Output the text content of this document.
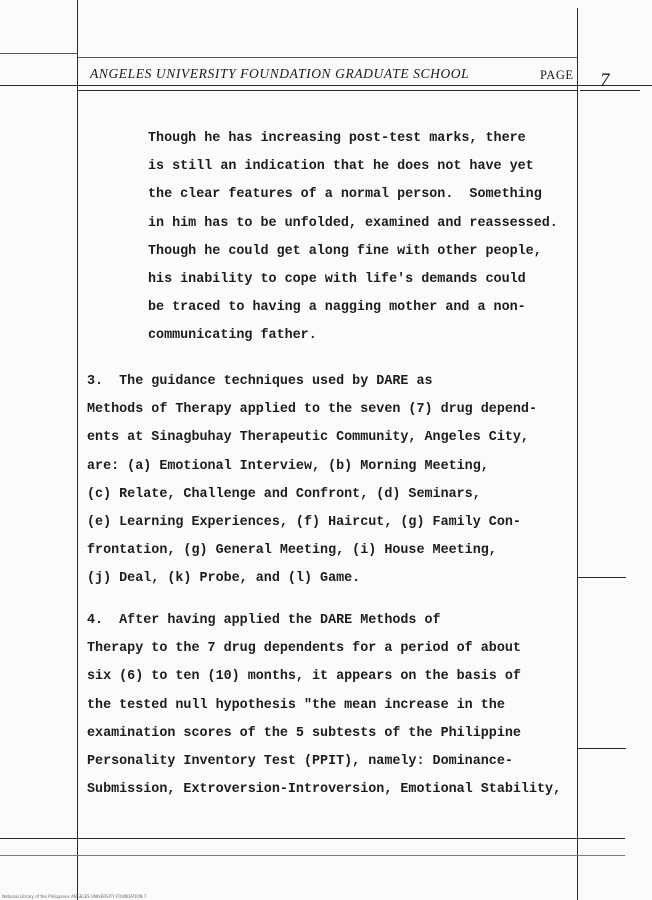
ANGELES UNIVERSITY FOUNDATION GRADUATE SCHOOL	PAGE 7
Though he has increasing post-test marks, there
is still an indication that he does not have yet
the clear features of a normal person.  Something
in him has to be unfolded, examined and reassessed.
Though he could get along fine with other people,
his inability to cope with life's demands could
be traced to having a nagging mother and a non-
communicating father.
3.  The guidance techniques used by DARE as
Methods of Therapy applied to the seven (7) drug depend-
ents at Sinagbuhay Therapeutic Community, Angeles City,
are: (a) Emotional Interview, (b) Morning Meeting,
(c) Relate, Challenge and Confront, (d) Seminars,
(e) Learning Experiences, (f) Haircut, (g) Family Con-
frontation, (g) General Meeting, (i) House Meeting,
(j) Deal, (k) Probe, and (l) Game.
4.  After having applied the DARE Methods of
Therapy to the 7 drug dependents for a period of about
six (6) to ten (10) months, it appears on the basis of
the tested null hypothesis "the mean increase in the
examination scores of the 5 subtests of the Philippine
Personality Inventory Test (PPIT), namely: Dominance-
Submission, Extroversion-Introversion, Emotional Stability,
National Library of the Philippines ANGELES UNIVERSITY FOUNDATION 7
